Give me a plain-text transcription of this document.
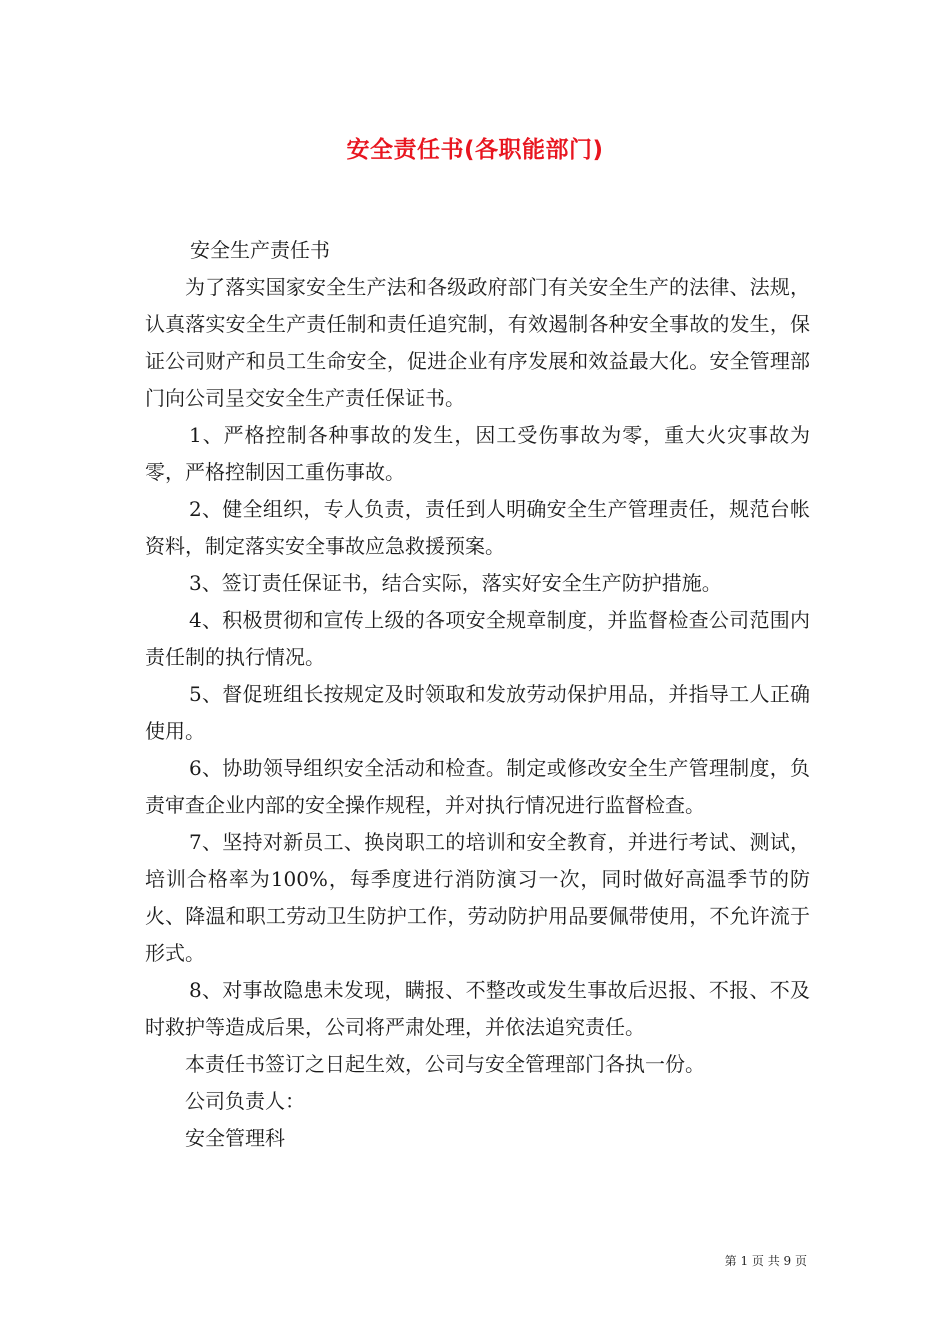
安全责任书(各职能部门)

安全生产责任书

为了落实国家安全生产法和各级政府部门有关安全生产的法律、法规，认真落实安全生产责任制和责任追究制，有效遏制各种安全事故的发生，保证公司财产和员工生命安全，促进企业有序发展和效益最大化。安全管理部门向公司呈交安全生产责任保证书。

1、严格控制各种事故的发生，因工受伤事故为零，重大火灾事故为零，严格控制因工重伤事故。

2、健全组织，专人负责，责任到人明确安全生产管理责任，规范台帐资料，制定落实安全事故应急救援预案。

3、签订责任保证书，结合实际，落实好安全生产防护措施。

4、积极贯彻和宣传上级的各项安全规章制度，并监督检查公司范围内责任制的执行情况。

5、督促班组长按规定及时领取和发放劳动保护用品，并指导工人正确使用。

6、协助领导组织安全活动和检查。制定或修改安全生产管理制度，负责审查企业内部的安全操作规程，并对执行情况进行监督检查。

7、坚持对新员工、换岗职工的培训和安全教育，并进行考试、测试，培训合格率为100%，每季度进行消防演习一次，同时做好高温季节的防火、降温和职工劳动卫生防护工作，劳动防护用品要佩带使用，不允许流于形式。

8、对事故隐患未发现，瞒报、不整改或发生事故后迟报、不报、不及时救护等造成后果，公司将严肃处理，并依法追究责任。

本责任书签订之日起生效，公司与安全管理部门各执一份。

公司负责人：

安全管理科

第 1 页 共 9 页
